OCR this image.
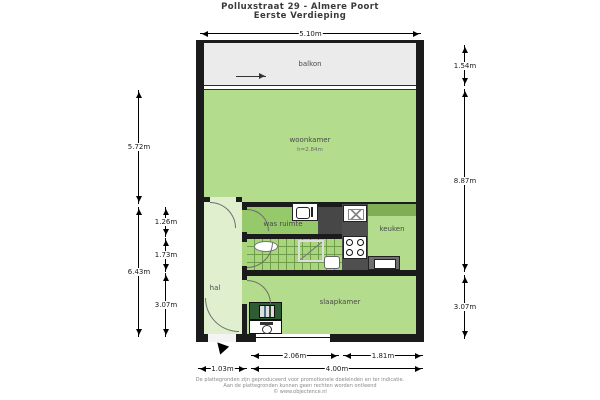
Polluxstraat 29 - Almere Poort
Eerste Verdieping
balkon
woonkamer
h=2.84m
was ruimte
keuken
hal
slaapkamer
5.10m
5.72m
6.43m
1.26m
1.73m
3.07m
1.54m
8.87m
3.07m
2.06m	1.81m
1.03m	4.00m
De plattegronden zijn geproduceerd voor promotionele doeleinden en ter indicatie.
Aan de plattegronden kunnen geen rechten worden ontleend
© www.objectence.nl
